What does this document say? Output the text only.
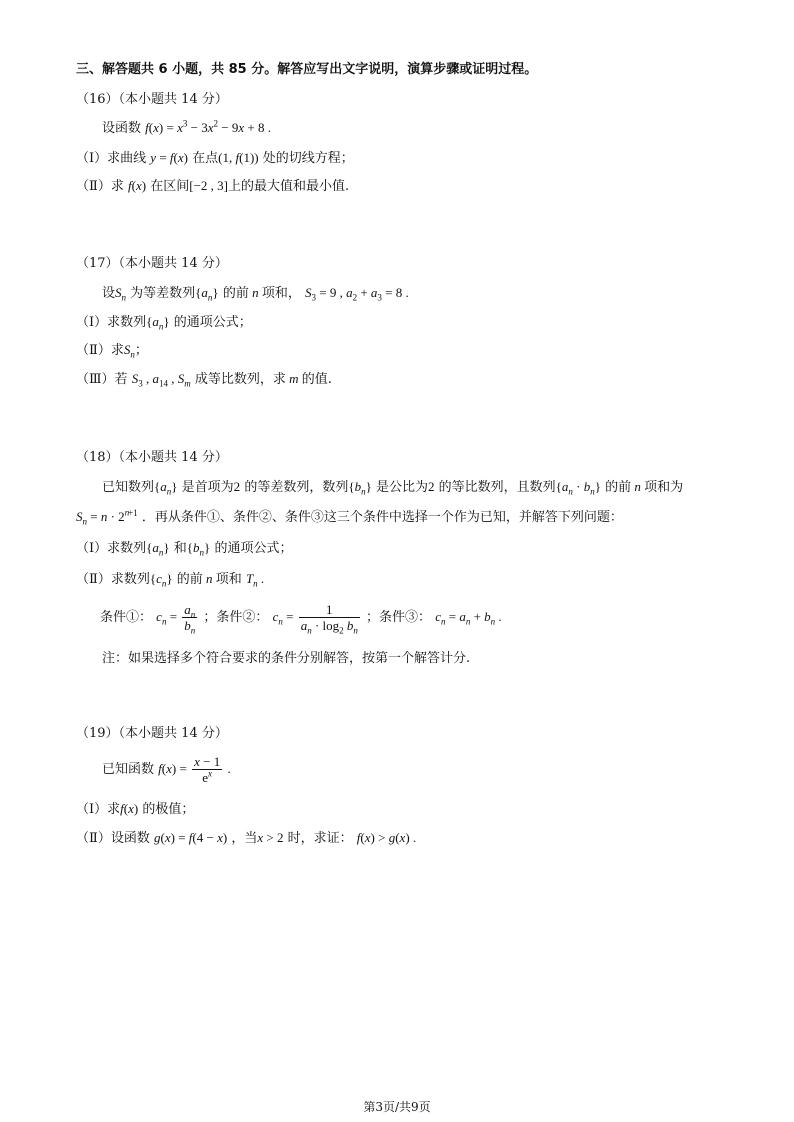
三、解答题共 6 小题，共 85 分。解答应写出文字说明，演算步骤或证明过程。
（16）（本小题共 14 分）
设函数 $f(x) = x^3 - 3x^2 - 9x + 8$ .
（Ⅰ）求曲线 y = f(x) 在点(1, f(1)) 处的切线方程；
（Ⅱ）求 f(x) 在区间[−2 , 3]上的最大值和最小值.
（17）（本小题共 14 分）
设$S_n$ 为等差数列$\{a_n\}$ 的前 n 项和， $S_3 = 9$ , $a_2 + a_3 = 8$ .
（Ⅰ）求数列$\{a_n\}$ 的通项公式；
（Ⅱ）求$S_n$；
（Ⅲ）若 $S_3$ , $a_{14}$ , $S_m$ 成等比数列，求 m 的值.
（18）（本小题共 14 分）
已知数列$\{a_n\}$ 是首项为2 的等差数列，数列$\{b_n\}$ 是公比为2 的等比数列，且数列$\{a_n \cdot b_n\}$ 的前 n 项和为
$S_n = n \cdot 2^{n+1}$ ．再从条件①、条件②、条件③这三个条件中选择一个作为已知，并解答下列问题：
（Ⅰ）求数列$\{a_n\}$ 和$\{b_n\}$ 的通项公式；
（Ⅱ）求数列$\{c_n\}$ 的前 n 项和 $T_n$ .
条件①： $c_n = \frac{a_n}{b_n}$ ；条件②： $c_n = \frac{1}{a_n \cdot \log_2 b_n}$ ；条件③： $c_n = a_n + b_n$ .
注：如果选择多个符合要求的条件分别解答，按第一个解答计分.
（19）（本小题共 14 分）
已知函数 $f(x) = \frac{x - 1}{e^x}$ .
（Ⅰ）求f(x) 的极值；
（Ⅱ）设函数 g(x) = f(4 − x) ，当x > 2 时，求证： f(x) > g(x) .
第3页/共9页
